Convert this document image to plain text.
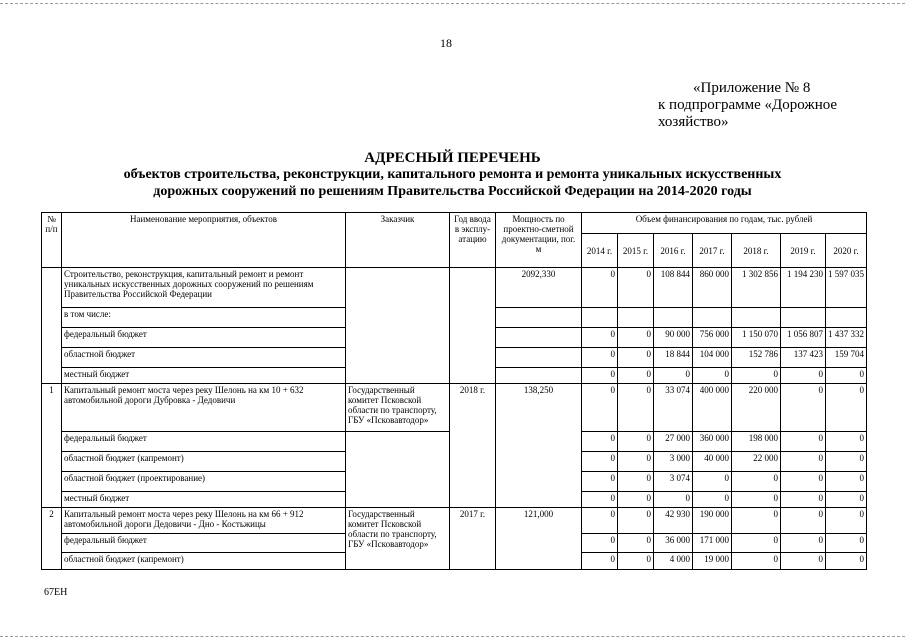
18
«Приложение № 8
к подпрограмме «Дорожное
хозяйство»
АДРЕСНЫЙ ПЕРЕЧЕНЬ
объектов строительства, реконструкции, капитального ремонта и ремонта уникальных искусственных
дорожных сооружений по решениям Правительства Российской Федерации на 2014-2020 годы
№ п/п	Наименование мероприятия, объектов	Заказчик	Год ввода в эксплу-атацию	Мощность по проектно-сметной документации, пог. м	Объем финансирования по годам, тыс. рублей						
					2014 г.	2015 г.	2016 г.	2017 г.	2018 г.	2019 г.	2020 г.
	Строительство, реконструкция, капитальный ремонт и ремонт уникальных искусственных дорожных сооружений по решениям Правительства Российской Федерации			2092,330	0	0	108 844	860 000	1 302 856	1 194 230	1 597 035
	в том числе:										
	федеральный бюджет				0	0	90 000	756 000	1 150 070	1 056 807	1 437 332
	областной бюджет				0	0	18 844	104 000	152 786	137 423	159 704
	местный бюджет				0	0	0	0	0	0	0
1	Капитальный ремонт моста через реку Шелонь на км 10 + 632 автомобильной дороги Дубровка - Дедовичи	Государственный комитет Псковской области по транспорту, ГБУ «Псковавтодор»	2018 г.	138,250	0	0	33 074	400 000	220 000	0	0
	федеральный бюджет				0	0	27 000	360 000	198 000	0	0
	областной бюджет (капремонт)				0	0	3 000	40 000	22 000	0	0
	областной бюджет (проектирование)				0	0	3 074	0	0	0	0
	местный бюджет				0	0	0	0	0	0	0
2	Капитальный ремонт моста через реку Шелонь на км 66 + 912 автомобильной дороги Дедовичи - Дно - Костьжицы	Государственный комитет Псковской области по транспорту, ГБУ «Псковавтодор»	2017 г.	121,000	0	0	42 930	190 000	0	0	0
	федеральный бюджет				0	0	36 000	171 000	0	0	0
	областной бюджет (капремонт)				0	0	4 000	19 000	0	0	0
67ЕН
